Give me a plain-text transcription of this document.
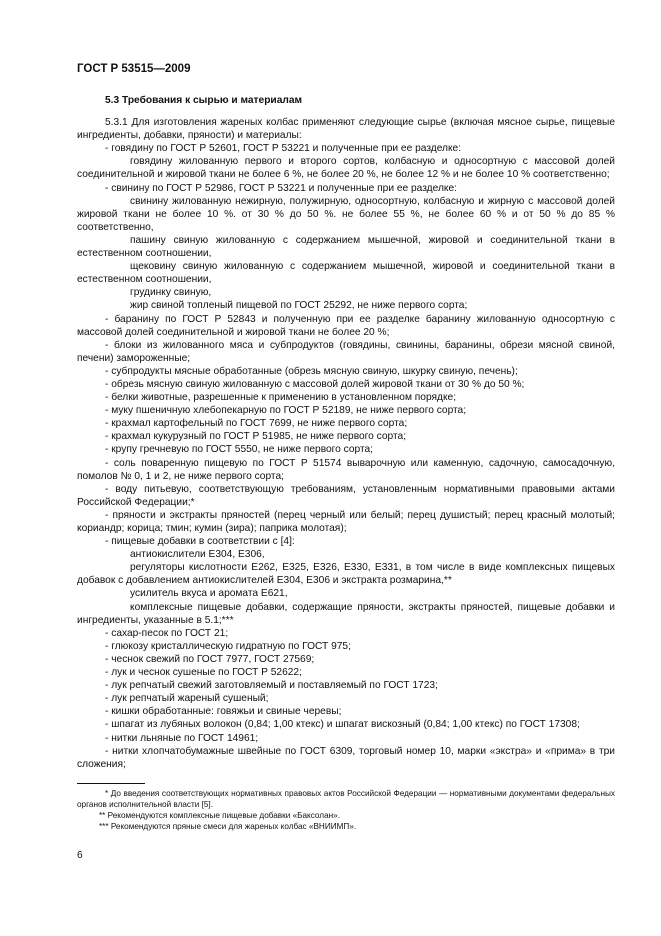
ГОСТ Р 53515—2009
5.3 Требования к сырью и материалам
5.3.1 Для изготовления жареных колбас применяют следующие сырье (включая мясное сырье, пищевые ингредиенты, добавки, пряности) и материалы:
- говядину по ГОСТ Р 52601, ГОСТ Р 53221 и полученные при ее разделке:
говядину жилованную первого и второго сортов, колбасную и односортную с массовой долей соединительной и жировой ткани не более 6 %, не более 20 %, не более 12 % и не более 10 % соответственно;
- свинину по ГОСТ Р 52986, ГОСТ Р 53221 и полученные при ее разделке:
свинину жилованную нежирную, полужирную, односортную, колбасную и жирную с массовой долей жировой ткани не более 10 %. от 30 % до 50 %. не более 55 %, не более 60 % и от 50 % до 85 % соответственно,
пашину свиную жилованную с содержанием мышечной, жировой и соединительной ткани в естественном соотношении,
щековину свиную жилованную с содержанием мышечной, жировой и соединительной ткани в естественном соотношении,
грудинку свиную,
жир свиной топленый пищевой по ГОСТ 25292, не ниже первого сорта;
- баранину по ГОСТ Р 52843 и полученную при ее разделке баранину жилованную односортную с массовой долей соединительной и жировой ткани не более 20 %;
- блоки из жилованного мяса и субпродуктов (говядины, свинины, баранины, обрези мясной свиной, печени) замороженные;
- субпродукты мясные обработанные (обрезь мясную свиную, шкурку свиную, печень);
- обрезь мясную свиную жилованную с массовой долей жировой ткани от 30 % до 50 %;
- белки животные, разрешенные к применению в установленном порядке;
- муку пшеничную хлебопекарную по ГОСТ Р 52189, не ниже первого сорта;
- крахмал картофельный по ГОСТ 7699, не ниже первого сорта;
- крахмал кукурузный по ГОСТ Р 51985, не ниже первого сорта;
- крупу гречневую по ГОСТ 5550, не ниже первого сорта;
- соль поваренную пищевую по ГОСТ Р 51574 выварочную или каменную, садочную, самосадочную, помолов № 0, 1 и 2, не ниже первого сорта;
- воду питьевую, соответствующую требованиям, установленным нормативными правовыми актами Российской Федерации;*
- пряности и экстракты пряностей (перец черный или белый; перец душистый; перец красный молотый; кориандр; корица; тмин; кумин (зира); паприка молотая);
- пищевые добавки в соответствии с [4]:
антиокислители Е304, Е306,
регуляторы кислотности Е262, Е325, Е326, Е330, Е331, в том числе в виде комплексных пищевых добавок с добавлением антиокислителей Е304, Е306 и экстракта розмарина,**
усилитель вкуса и аромата Е621,
комплексные пищевые добавки, содержащие пряности, экстракты пряностей, пищевые добавки и ингредиенты, указанные в 5.1;***
- сахар-песок по ГОСТ 21;
- глюкозу кристаллическую гидратную по ГОСТ 975;
- чеснок свежий по ГОСТ 7977, ГОСТ 27569;
- лук и чеснок сушеные по ГОСТ Р 52622;
- лук репчатый свежий заготовляемый и поставляемый по ГОСТ 1723;
- лук репчатый жареный сушеный;
- кишки обработанные: говяжьи и свиные черевы;
- шпагат из лубяных волокон (0,84; 1,00 ктекс) и шпагат вискозный (0,84; 1,00 ктекс) по ГОСТ 17308;
- нитки льняные по ГОСТ 14961;
- нитки хлопчатобумажные швейные по ГОСТ 6309, торговый номер 10, марки «экстра» и «прима» в три сложения;
* До введения соответствующих нормативных правовых актов Российской Федерации — нормативными документами федеральных органов исполнительной власти [5].
** Рекомендуются комплексные пищевые добавки «Баксолан».
*** Рекомендуются пряные смеси для жареных колбас «ВНИИМП».
6
